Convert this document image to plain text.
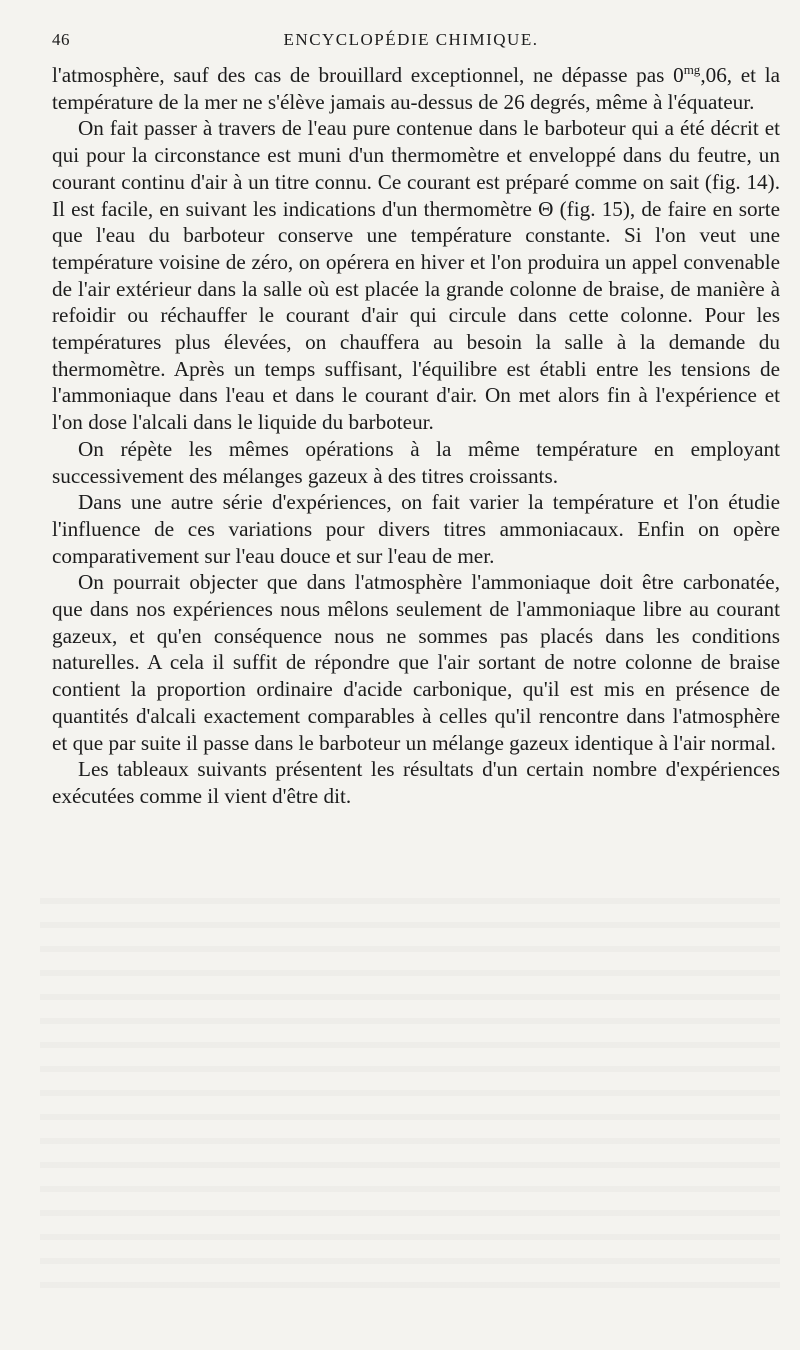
46	ENCYCLOPÉDIE CHIMIQUE.

l'atmosphère, sauf des cas de brouillard exceptionnel, ne dépasse pas $0^{mg},06$, et la température de la mer ne s'élève jamais au-dessus de 26 degrés, même à l'équateur.

On fait passer à travers de l'eau pure contenue dans le barboteur qui a été décrit et qui pour la circonstance est muni d'un thermomètre et enveloppé dans du feutre, un courant continu d'air à un titre connu. Ce courant est préparé comme on sait (fig. 14). Il est facile, en suivant les indications d'un thermomètre Θ (fig. 15), de faire en sorte que l'eau du barboteur conserve une température constante. Si l'on veut une température voisine de zéro, on opérera en hiver et l'on produira un appel convenable de l'air extérieur dans la salle où est placée la grande colonne de braise, de manière à refoidir ou réchauffer le courant d'air qui circule dans cette colonne. Pour les températures plus élevées, on chauffera au besoin la salle à la demande du thermomètre. Après un temps suffisant, l'équilibre est établi entre les tensions de l'ammoniaque dans l'eau et dans le courant d'air. On met alors fin à l'expérience et l'on dose l'alcali dans le liquide du barboteur.

On répète les mêmes opérations à la même température en employant successivement des mélanges gazeux à des titres croissants.

Dans une autre série d'expériences, on fait varier la température et l'on étudie l'influence de ces variations pour divers titres ammoniacaux. Enfin on opère comparativement sur l'eau douce et sur l'eau de mer.

On pourrait objecter que dans l'atmosphère l'ammoniaque doit être carbonatée, que dans nos expériences nous mêlons seulement de l'ammoniaque libre au courant gazeux, et qu'en conséquence nous ne sommes pas placés dans les conditions naturelles. A cela il suffit de répondre que l'air sortant de notre colonne de braise contient la proportion ordinaire d'acide carbonique, qu'il est mis en présence de quantités d'alcali exactement comparables à celles qu'il rencontre dans l'atmosphère et que par suite il passe dans le barboteur un mélange gazeux identique à l'air normal.

Les tableaux suivants présentent les résultats d'un certain nombre d'expériences exécutées comme il vient d'être dit.
